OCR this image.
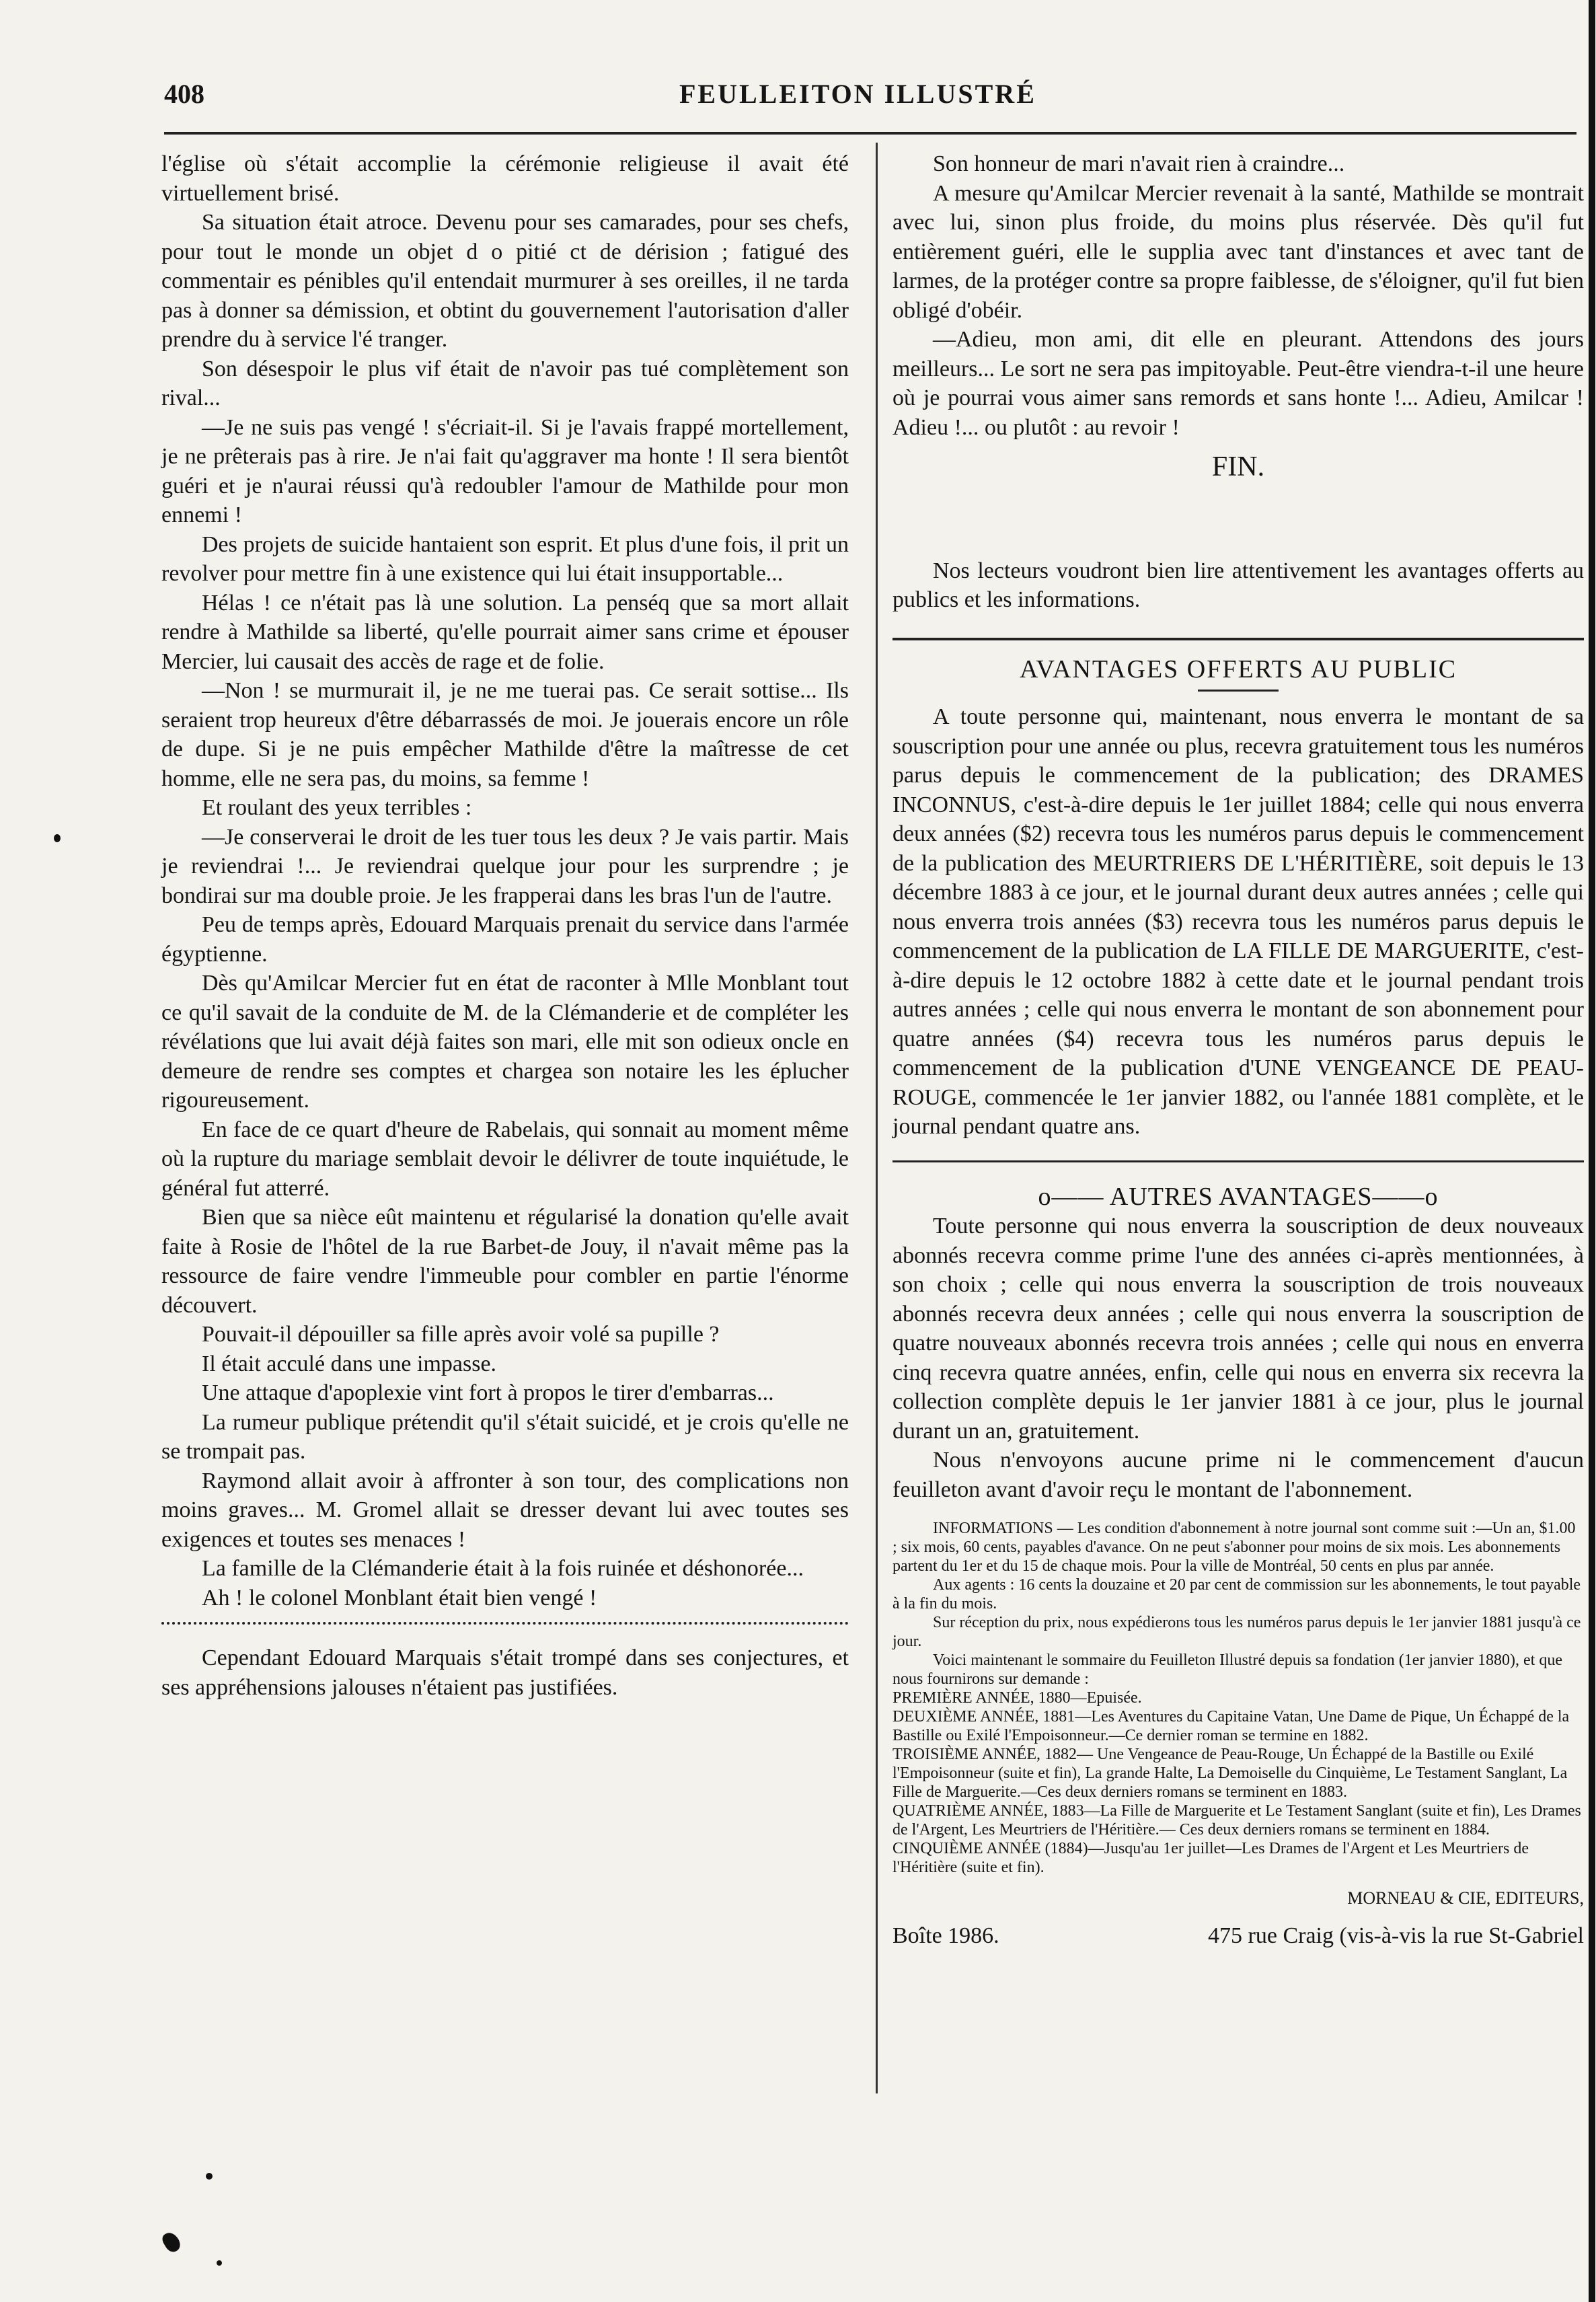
408	FEULLEITON ILLUSTRÉ

l'église où s'était accomplie la cérémonie religieuse il avait été virtuellement brisé.

Sa situation était atroce. Devenu pour ses camarades, pour ses chefs, pour tout le monde un objet d o pitié ct de dérision ; fatigué des commentair es pénibles qu'il entendait murmurer à ses oreilles, il ne tarda pas à donner sa démission, et obtint du gouvernement l'autorisation d'aller prendre du à service l'é tranger.

Son désespoir le plus vif était de n'avoir pas tué complètement son rival...

—Je ne suis pas vengé ! s'écriait-il. Si je l'avais frappé mortellement, je ne prêterais pas à rire. Je n'ai fait qu'aggraver ma honte ! Il sera bientôt guéri et je n'aurai réussi qu'à redoubler l'amour de Mathilde pour mon ennemi !

Des projets de suicide hantaient son esprit. Et plus d'une fois, il prit un revolver pour mettre fin à une existence qui lui était insupportable...

Hélas ! ce n'était pas là une solution. La penséq que sa mort allait rendre à Mathilde sa liberté, qu'elle pourrait aimer sans crime et épouser Mercier, lui causait des accès de rage et de folie.

—Non ! se murmurait il, je ne me tuerai pas. Ce serait sottise... Ils seraient trop heureux d'être débarrassés de moi. Je jouerais encore un rôle de dupe. Si je ne puis empêcher Mathilde d'être la maîtresse de cet homme, elle ne sera pas, du moins, sa femme !

Et roulant des yeux terribles :

—Je conserverai le droit de les tuer tous les deux ? Je vais partir. Mais je reviendrai !... Je reviendrai quelque jour pour les surprendre ; je bondirai sur ma double proie. Je les frapperai dans les bras l'un de l'autre.

Peu de temps après, Edouard Marquais prenait du service dans l'armée égyptienne.

Dès qu'Amilcar Mercier fut en état de raconter à Mlle Monblant tout ce qu'il savait de la conduite de M. de la Clémanderie et de compléter les révélations que lui avait déjà faites son mari, elle mit son odieux oncle en demeure de rendre ses comptes et chargea son notaire les les éplucher rigoureusement.

En face de ce quart d'heure de Rabelais, qui sonnait au moment même où la rupture du mariage semblait devoir le délivrer de toute inquiétude, le général fut atterré.

Bien que sa nièce eût maintenu et régularisé la donation qu'elle avait faite à Rosie de l'hôtel de la rue Barbet-de Jouy, il n'avait même pas la ressource de faire vendre l'immeuble pour combler en partie l'énorme découvert.

Pouvait-il dépouiller sa fille après avoir volé sa pupille ?

Il était acculé dans une impasse.

Une attaque d'apoplexie vint fort à propos le tirer d'embarras...

La rumeur publique prétendit qu'il s'était suicidé, et je crois qu'elle ne se trompait pas.

Raymond allait avoir à affronter à son tour, des complications non moins graves... M. Gromel allait se dresser devant lui avec toutes ses exigences et toutes ses menaces !

La famille de la Clémanderie était à la fois ruinée et déshonorée...

Ah ! le colonel Monblant était bien vengé !

Cependant Edouard Marquais s'était trompé dans ses conjectures, et ses appréhensions jalouses n'étaient pas justifiées.

Son honneur de mari n'avait rien à craindre...

A mesure qu'Amilcar Mercier revenait à la santé, Mathilde se montrait avec lui, sinon plus froide, du moins plus réservée. Dès qu'il fut entièrement guéri, elle le supplia avec tant d'instances et avec tant de larmes, de la protéger contre sa propre faiblesse, de s'éloigner, qu'il fut bien obligé d'obéir.

—Adieu, mon ami, dit elle en pleurant. Attendons des jours meilleurs... Le sort ne sera pas impitoyable. Peut-être viendra-t-il une heure où je pourrai vous aimer sans remords et sans honte !... Adieu, Amilcar ! Adieu !... ou plutôt : au revoir !

FIN.

Nos lecteurs voudront bien lire attentivement les avantages offerts au publics et les informations.

AVANTAGES OFFERTS AU PUBLIC

A toute personne qui, maintenant, nous enverra le montant de sa souscription pour une année ou plus, recevra gratuitement tous les numéros parus depuis le commencement de la publication; des DRAMES INCONNUS, c'est-à-dire depuis le 1er juillet 1884; celle qui nous enverra deux années ($2) recevra tous les numéros parus depuis le commencement de la publication des MEURTRIERS DE L'HÉRITIÈRE, soit depuis le 13 décembre 1883 à ce jour, et le journal durant deux autres années ; celle qui nous enverra trois années ($3) recevra tous les numéros parus depuis le commencement de la publication de LA FILLE DE MARGUERITE, c'est-à-dire depuis le 12 octobre 1882 à cette date et le journal pendant trois autres années ; celle qui nous enverra le montant de son abonnement pour quatre années ($4) recevra tous les numéros parus depuis le commencement de la publication d'UNE VENGEANCE DE PEAU-ROUGE, commencée le 1er janvier 1882, ou l'année 1881 complète, et le journal pendant quatre ans.

o—— AUTRES AVANTAGES——o

Toute personne qui nous enverra la souscription de deux nouveaux abonnés recevra comme prime l'une des années ci-après mentionnées, à son choix ; celle qui nous enverra la souscription de trois nouveaux abonnés recevra deux années ; celle qui nous enverra la souscription de quatre nouveaux abonnés recevra trois années ; celle qui nous en enverra cinq recevra quatre années, enfin, celle qui nous en enverra six recevra la collection complète depuis le 1er janvier 1881 à ce jour, plus le journal durant un an, gratuitement.

Nous n'envoyons aucune prime ni le commencement d'aucun feuilleton avant d'avoir reçu le montant de l'abonnement.

INFORMATIONS — Les condition d'abonnement à notre journal sont comme suit :—Un an, $1.00 ; six mois, 60 cents, payables d'avance. On ne peut s'abonner pour moins de six mois. Les abonnements partent du 1er et du 15 de chaque mois. Pour la ville de Montréal, 50 cents en plus par année.

Aux agents : 16 cents la douzaine et 20 par cent de commission sur les abonnements, le tout payable à la fin du mois.

Sur réception du prix, nous expédierons tous les numéros parus depuis le 1er janvier 1881 jusqu'à ce jour.

Voici maintenant le sommaire du Feuilleton Illustré depuis sa fondation (1er janvier 1880), et que nous fournirons sur demande :

PREMIÈRE ANNÉE, 1880—Epuisée.

DEUXIÈME ANNÉE, 1881—Les Aventures du Capitaine Vatan, Une Dame de Pique, Un Échappé de la Bastille ou Exilé l'Empoisonneur.—Ce dernier roman se termine en 1882.

TROISIÈME ANNÉE, 1882— Une Vengeance de Peau-Rouge, Un Échappé de la Bastille ou Exilé l'Empoisonneur (suite et fin), La grande Halte, La Demoiselle du Cinquième, Le Testament Sanglant, La Fille de Marguerite.—Ces deux derniers romans se terminent en 1883.

QUATRIÈME ANNÉE, 1883—La Fille de Marguerite et Le Testament Sanglant (suite et fin), Les Drames de l'Argent, Les Meurtriers de l'Héritière.— Ces deux derniers romans se terminent en 1884.

CINQUIÈME ANNÉE (1884)—Jusqu'au 1er juillet—Les Drames de l'Argent et Les Meurtriers de l'Héritière (suite et fin).

MORNEAU & CIE, EDITEURS,

Boîte 1986.	475 rue Craig (vis-à-vis la rue St-Gabriel
